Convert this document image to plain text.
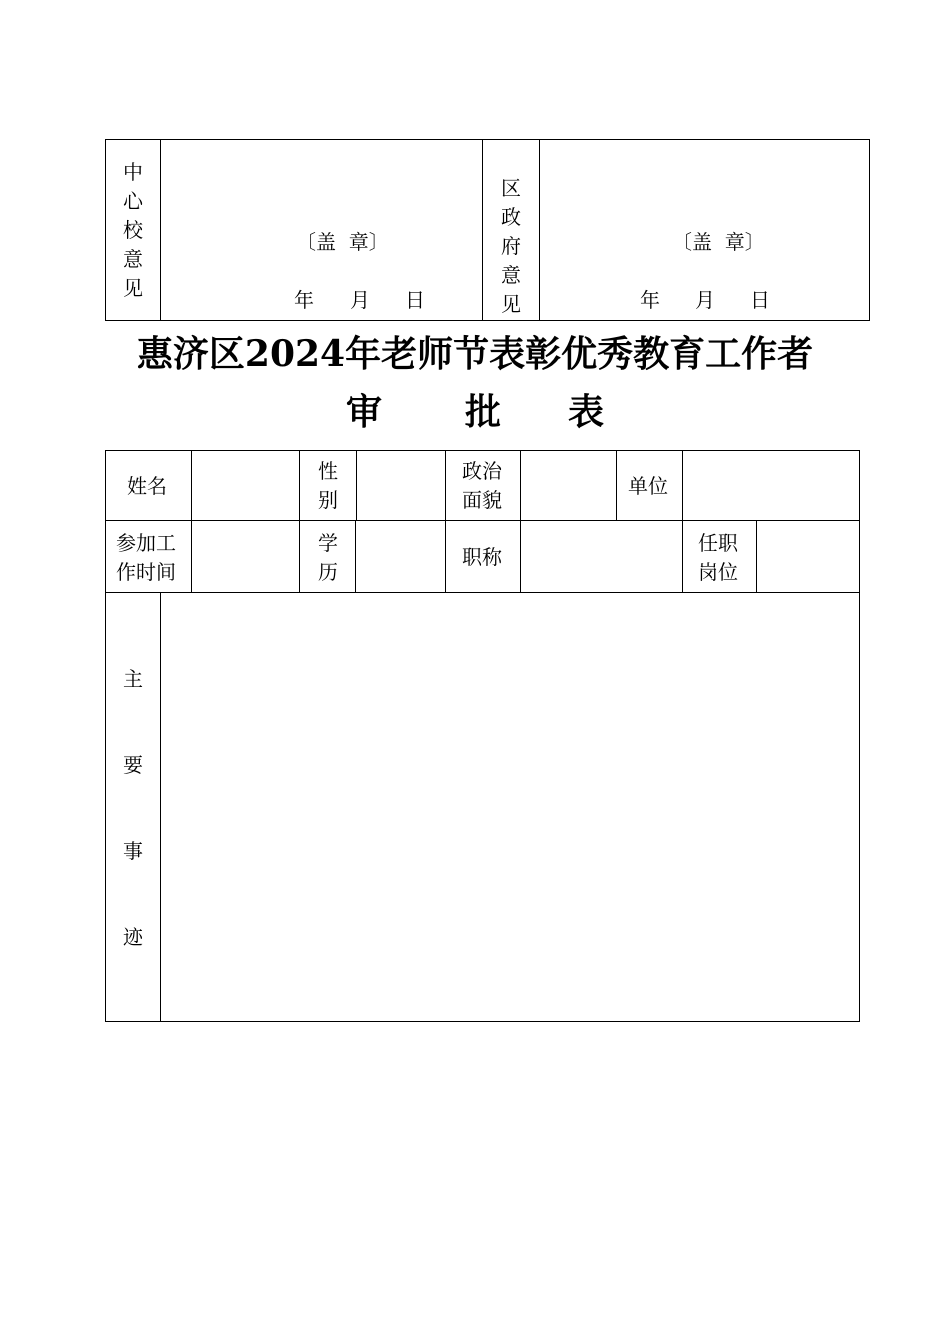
中
心
校
意
见
〔盖  章〕
年 月 日
区
政
府
意
见
〔盖  章〕
年 月 日
惠济区2024年老师节表彰优秀教育工作者
审 批 表
姓名
性
别
政治
面貌
单位
参加工
作时间
学
历
职称
任职
岗位
主
要
事
迹
